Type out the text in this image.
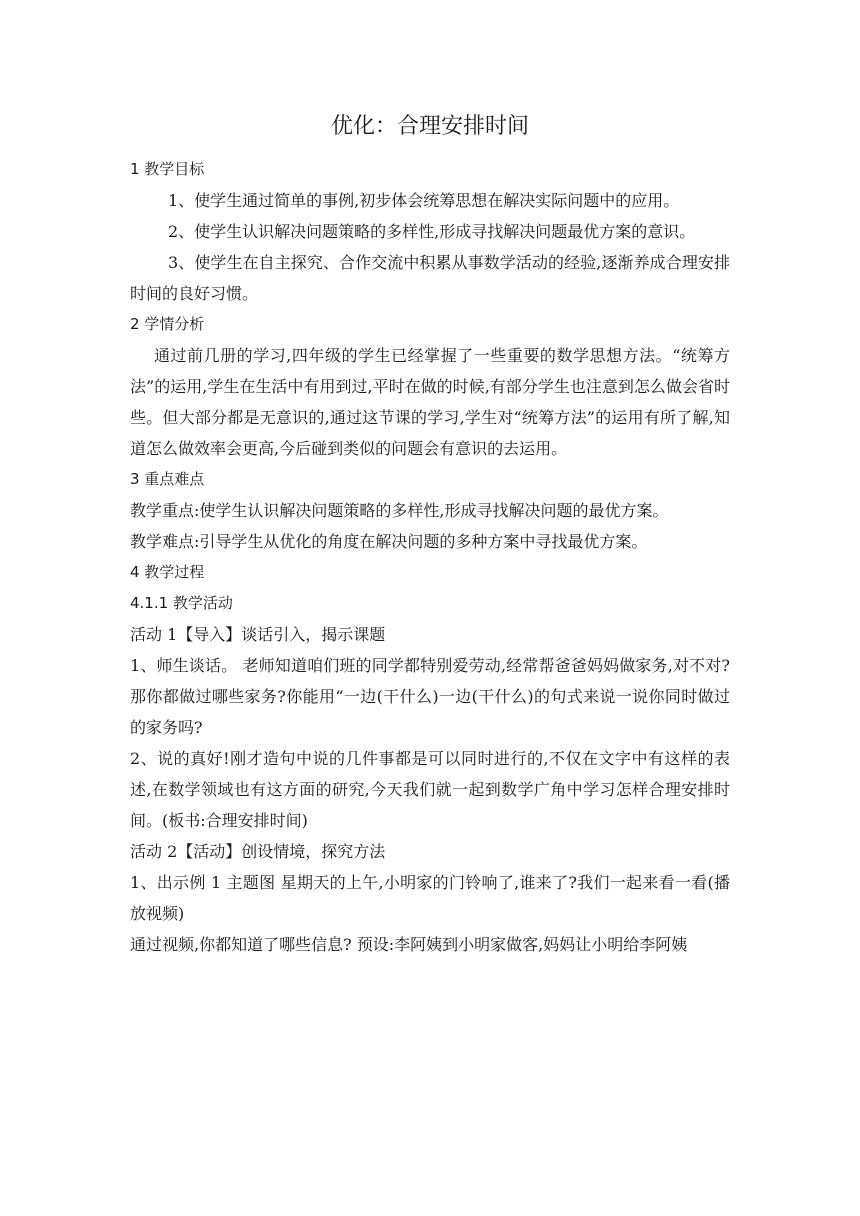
优化：合理安排时间

1 教学目标

1、使学生通过简单的事例,初步体会统筹思想在解决实际问题中的应用。

2、使学生认识解决问题策略的多样性,形成寻找解决问题最优方案的意识。

3、使学生在自主探究、合作交流中积累从事数学活动的经验,逐渐养成合理安排时间的良好习惯。

2 学情分析

通过前几册的学习,四年级的学生已经掌握了一些重要的数学思想方法。“统筹方法”的运用,学生在生活中有用到过,平时在做的时候,有部分学生也注意到怎么做会省时些。但大部分都是无意识的,通过这节课的学习,学生对“统筹方法”的运用有所了解,知道怎么做效率会更高,今后碰到类似的问题会有意识的去运用。

3 重点难点

教学重点:使学生认识解决问题策略的多样性,形成寻找解决问题的最优方案。

教学难点:引导学生从优化的角度在解决问题的多种方案中寻找最优方案。

4 教学过程

4.1.1 教学活动

活动 1【导入】谈话引入，揭示课题

1、师生谈话。 老师知道咱们班的同学都特别爱劳动,经常帮爸爸妈妈做家务,对不对?那你都做过哪些家务?你能用“一边(干什么)一边(干什么)的句式来说一说你同时做过的家务吗?

2、说的真好!刚才造句中说的几件事都是可以同时进行的,不仅在文字中有这样的表述,在数学领域也有这方面的研究,今天我们就一起到数学广角中学习怎样合理安排时间。(板书:合理安排时间)

活动 2【活动】创设情境，探究方法

1、出示例 1 主题图 星期天的上午,小明家的门铃响了,谁来了?我们一起来看一看(播放视频)

通过视频,你都知道了哪些信息? 预设:李阿姨到小明家做客,妈妈让小明给李阿姨
